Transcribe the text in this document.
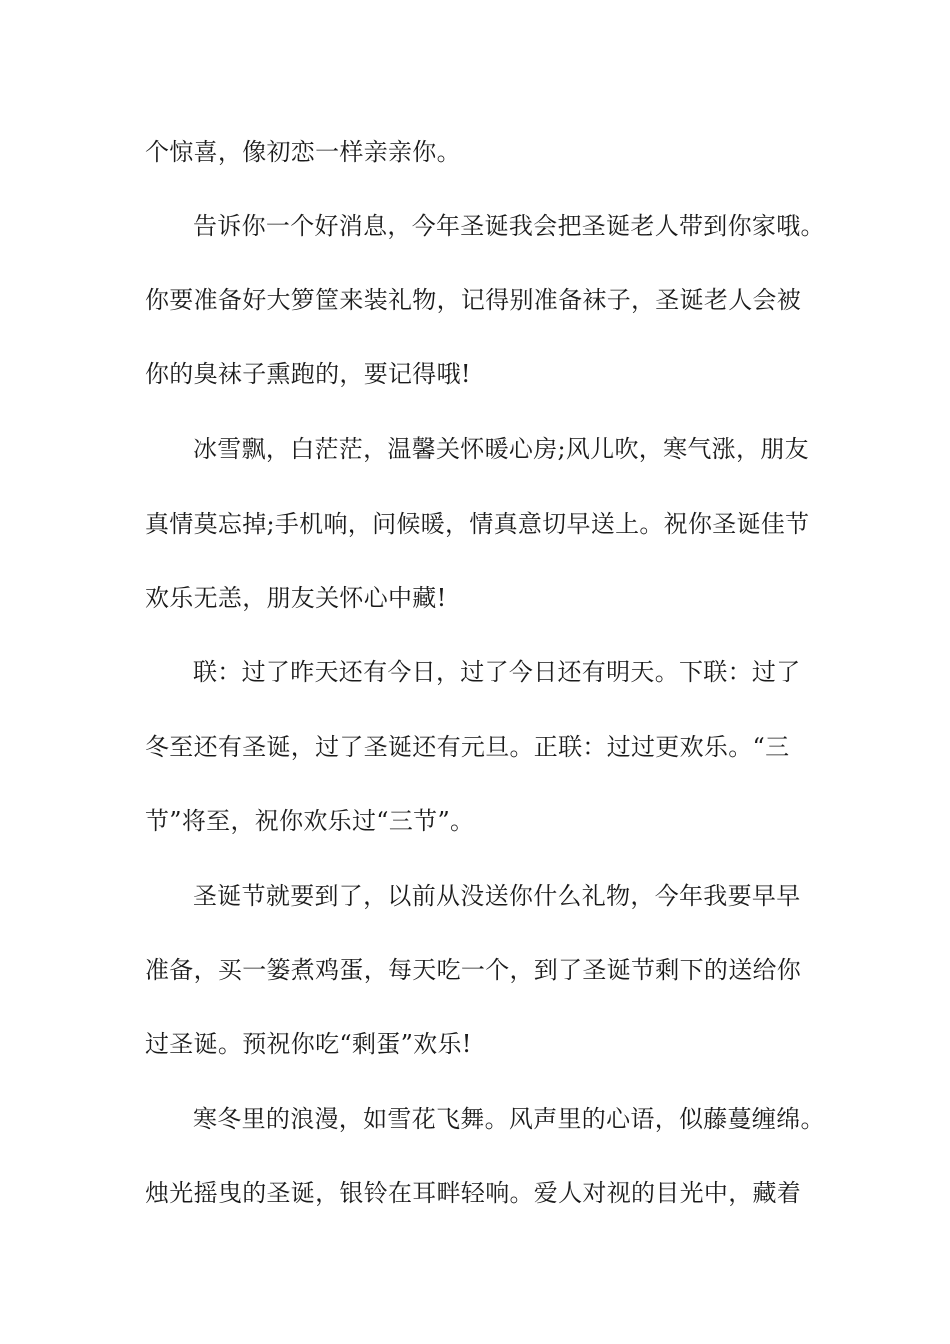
个惊喜，像初恋一样亲亲你。
告诉你一个好消息，今年圣诞我会把圣诞老人带到你家哦。
你要准备好大箩筐来装礼物，记得别准备袜子，圣诞老人会被
你的臭袜子熏跑的，要记得哦!
冰雪飘，白茫茫，温馨关怀暖心房;风儿吹，寒气涨，朋友
真情莫忘掉;手机响，问候暖，情真意切早送上。祝你圣诞佳节
欢乐无恙，朋友关怀心中藏!
联：过了昨天还有今日，过了今日还有明天。下联：过了
冬至还有圣诞，过了圣诞还有元旦。正联：过过更欢乐。“三
节”将至，祝你欢乐过“三节”。
圣诞节就要到了，以前从没送你什么礼物，今年我要早早
准备，买一篓煮鸡蛋，每天吃一个，到了圣诞节剩下的送给你
过圣诞。预祝你吃“剩蛋”欢乐!
寒冬里的浪漫，如雪花飞舞。风声里的心语，似藤蔓缠绵。
烛光摇曳的圣诞，银铃在耳畔轻响。爱人对视的目光中，藏着
